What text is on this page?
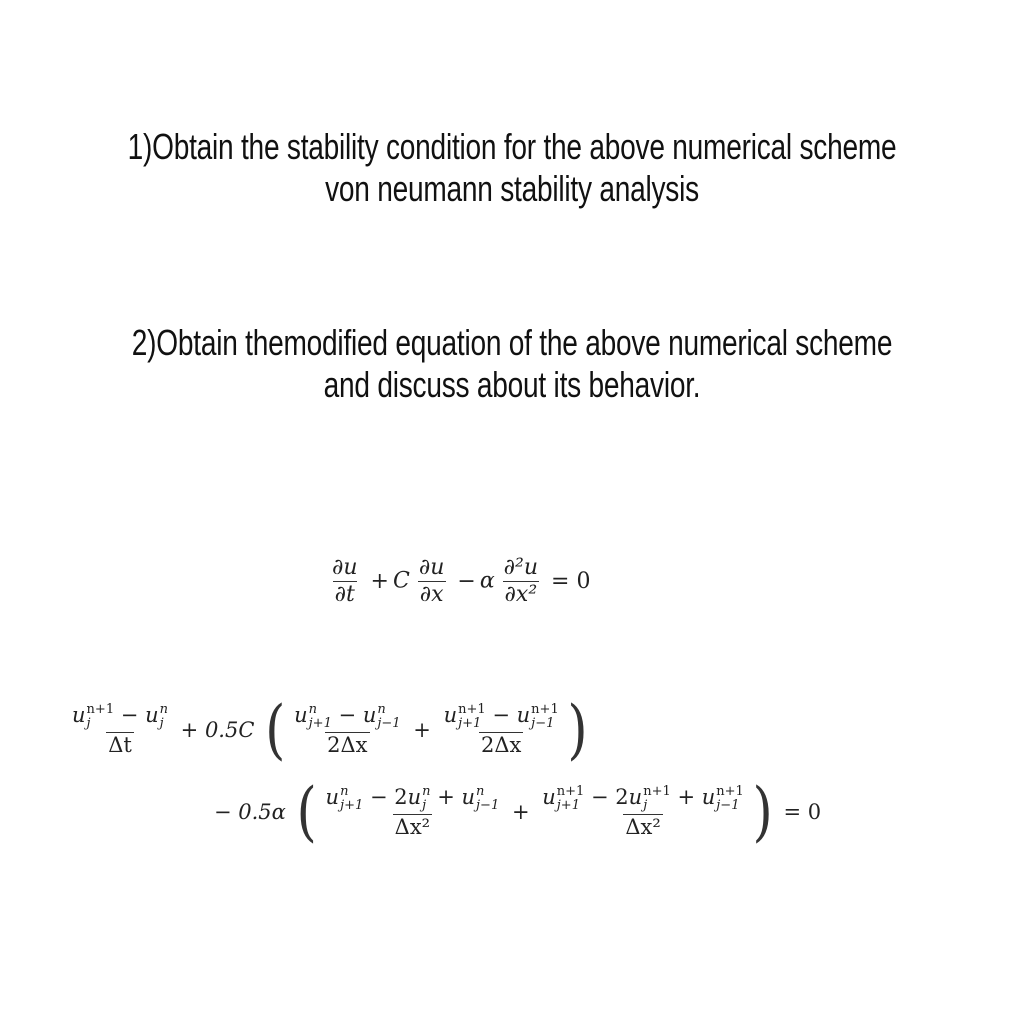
1)Obtain the stability condition for the above numerical scheme
von neumann stability analysis
2)Obtain themodified equation of the above numerical scheme
and discuss about its behavior.
$\frac{\partial u}{\partial t} + C \frac{\partial u}{\partial x} - \alpha \frac{\text{∂²u}}{\text{∂x²}} = 0$
u n+1
j	− u n
j
Δt + 0.5C ( u n
j+1 − u n
j−1
2Δx + u n+1
j+1 − u n+1
j−1
2Δx )
− 0.5α ( u n
j+1 − 2u n
j + u n
j−1
Δx² + u n+1
j+1 − 2u n+1
j	+ u n+1
j−1
Δx² ) = 0
